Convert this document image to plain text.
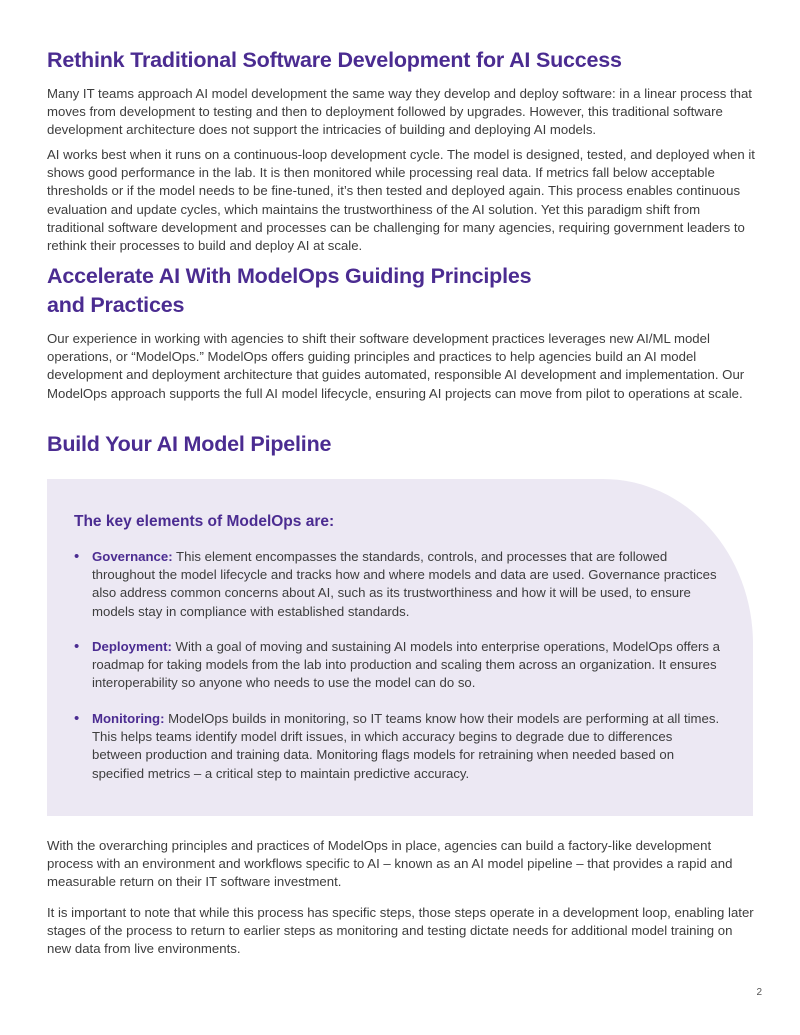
Rethink Traditional Software Development for AI Success

Many IT teams approach AI model development the same way they develop and deploy software: in a linear process that moves from development to testing and then to deployment followed by upgrades. However, this traditional software development architecture does not support the intricacies of building and deploying AI models.

AI works best when it runs on a continuous-loop development cycle. The model is designed, tested, and deployed when it shows good performance in the lab. It is then monitored while processing real data. If metrics fall below acceptable thresholds or if the model needs to be fine-tuned, it’s then tested and deployed again. This process enables continuous evaluation and update cycles, which maintains the trustworthiness of the AI solution. Yet this paradigm shift from traditional software development and processes can be challenging for many agencies, requiring government leaders to rethink their processes to build and deploy AI at scale.

Accelerate AI With ModelOps Guiding Principles
and Practices

Our experience in working with agencies to shift their software development practices leverages new AI/ML model operations, or “ModelOps.” ModelOps offers guiding principles and practices to help agencies build an AI model development and deployment architecture that guides automated, responsible AI development and implementation. Our ModelOps approach supports the full AI model lifecycle, ensuring AI projects can move from pilot to operations at scale.

Build Your AI Model Pipeline
The key elements of ModelOps are:
• Governance: This element encompasses the standards, controls, and processes that are followed throughout the model lifecycle and tracks how and where models and data are used. Governance practices also address common concerns about AI, such as its trustworthiness and how it will be used, to ensure models stay in compliance with established standards.

• Deployment: With a goal of moving and sustaining AI models into enterprise operations, ModelOps offers a roadmap for taking models from the lab into production and scaling them across an organization. It ensures interoperability so anyone who needs to use the model can do so.

• Monitoring: ModelOps builds in monitoring, so IT teams know how their models are performing at all times. This helps teams identify model drift issues, in which accuracy begins to degrade due to differences between production and training data. Monitoring flags models for retraining when needed based on specified metrics – a critical step to maintain predictive accuracy.

With the overarching principles and practices of ModelOps in place, agencies can build a factory-like development process with an environment and workflows specific to AI – known as an AI model pipeline – that provides a rapid and measurable return on their IT software investment.

It is important to note that while this process has specific steps, those steps operate in a development loop, enabling later stages of the process to return to earlier steps as monitoring and testing dictate needs for additional model training on new data from live environments.

2
